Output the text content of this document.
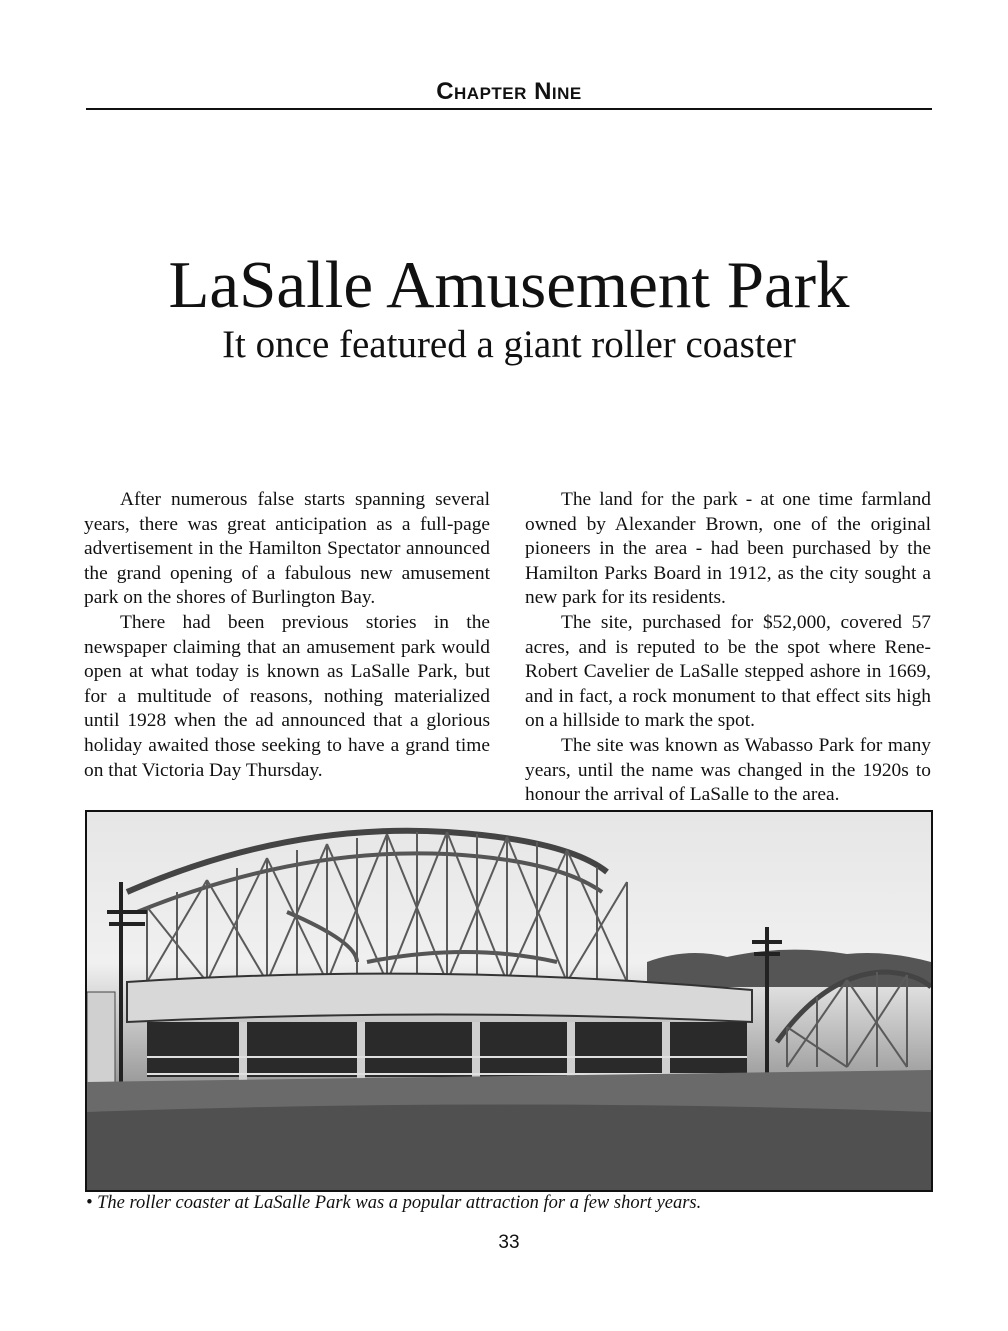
Chapter Nine
LaSalle Amusement Park
It once featured a giant roller coaster

After numerous false starts spanning several years, there was great anticipation as a full-page advertisement in the Hamilton Spectator announced the grand opening of a fabulous new amusement park on the shores of Burlington Bay.

There had been previous stories in the newspaper claiming that an amusement park would open at what today is known as LaSalle Park, but for a multitude of reasons, nothing materialized until 1928 when the ad announced that a glorious holiday awaited those seeking to have a grand time on that Victoria Day Thursday.

The land for the park - at one time farmland owned by Alexander Brown, one of the original pioneers in the area - had been purchased by the Hamilton Parks Board in 1912, as the city sought a new park for its residents.

The site, purchased for $52,000, covered 57 acres, and is reputed to be the spot where Rene-Robert Cavelier de LaSalle stepped ashore in 1669, and in fact, a rock monument to that effect sits high on a hillside to mark the spot.

The site was known as Wabasso Park for many years, until the name was changed in the 1920s to honour the arrival of LaSalle to the area.

• The roller coaster at LaSalle Park was a popular attraction for a few short years.
33
